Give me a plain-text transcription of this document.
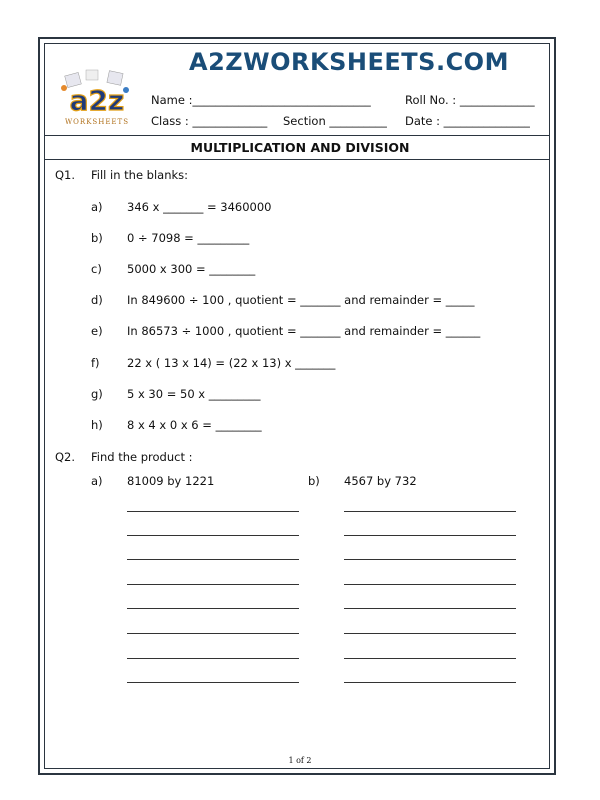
a2z
WORKSHEETS
A2ZWORKSHEETS.COM
Name :_______________________________	Roll No. : _____________
Class : _____________ Section __________ Date : _______________
MULTIPLICATION AND DIVISION
Q1. Fill in the blanks:
a) 346 x _______ = 3460000
b) 0 ÷ 7098 = _________
c) 5000 x 300 = ________
d) In 849600 ÷ 100 , quotient = _______ and remainder = _____
e) In 86573 ÷ 1000 , quotient = _______ and remainder = ______
f) 22 x ( 13 x 14) = (22 x 13) x _______
g) 5 x 30 = 50 x _________
h) 8 x 4 x 0 x 6 = ________
Q2. Find the product :
a) 81009 by 1221	b) 4567 by 732
1 of 2
